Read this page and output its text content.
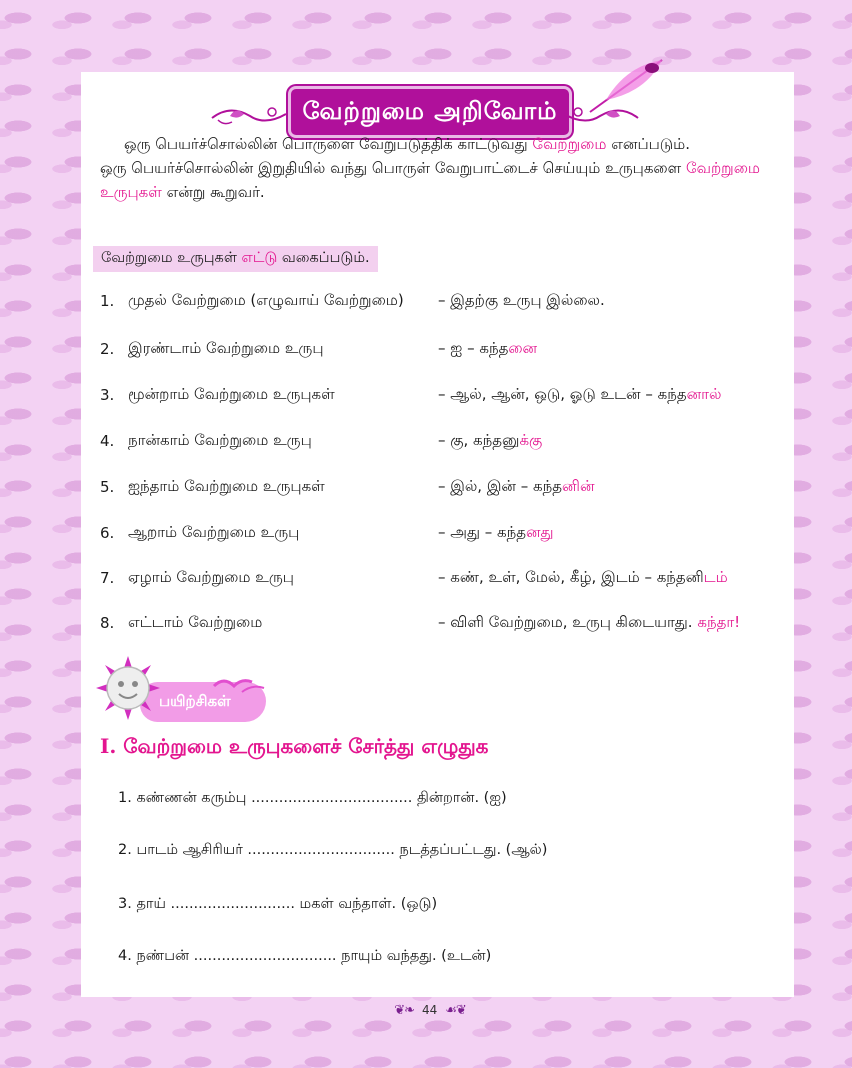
வேற்றுமை அறிவோம்

ஒரு பெயர்ச்சொல்லின் பொருளை வேறுபடுத்திக் காட்டுவது வேற்றுமை எனப்படும்.

ஒரு பெயர்ச்சொல்லின் இறுதியில் வந்து பொருள் வேறுபாட்டைச் செய்யும் உருபுகளை வேற்றுமை உருபுகள் என்று கூறுவர்.

வேற்றுமை உருபுகள்
எட்டு
வகைப்படும்.
1. முதல் வேற்றுமை (எழுவாய் வேற்றுமை) – இதற்கு உருபு இல்லை.
2. இரண்டாம் வேற்றுமை உருபு	– ஐ – கந்தனை
3. மூன்றாம் வேற்றுமை உருபுகள்	– ஆல், ஆன், ஒடு, ஓடு உடன் – கந்தனால்
4. நான்காம் வேற்றுமை உருபு	– கு, கந்தனுக்கு
5. ஐந்தாம் வேற்றுமை உருபுகள்	– இல், இன் – கந்தனின்
6. ஆறாம் வேற்றுமை உருபு	– அது – கந்தனது
7. ஏழாம் வேற்றுமை உருபு	– கண், உள், மேல், கீழ், இடம் – கந்தனிடம்
8. எட்டாம் வேற்றுமை	– விளி வேற்றுமை, உருபு கிடையாது. கந்தா!
பயிற்சிகள்
I. வேற்றுமை உருபுகளைச் சேர்த்து எழுதுக
1. கண்ணன் கரும்பு ................................... தின்றான். (ஐ)
2. பாடம் ஆசிரியர் ................................ நடத்தப்பட்டது. (ஆல்)
3. தாய் ........................... மகள் வந்தாள். (ஒடு)
4. நண்பன் ............................... நாயும் வந்தது. (உடன்)
❦❧ 44 ☙❦
